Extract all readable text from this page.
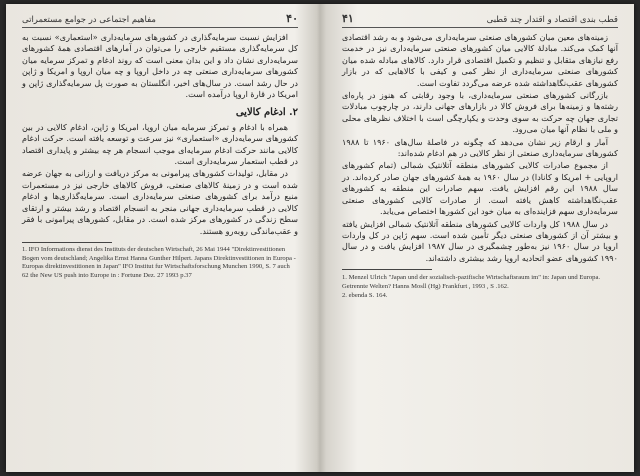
۴۰
مفاهیم اجتماعی در جوامع مستعمراتی

افزایش نسبت سرمایه‌گذاری در کشورهای سرمایه‌داری «استعماری» نسبت به کل سرمایه‌گذاری مستقیم خارجی را می‌توان در آمارهای اقتصادی همهٔ کشورهای سرمایه‌داری نشان داد و این بدان معنی است که روند ادغام و تمرکز سرمایه میان کشورهای سرمایه‌داری صنعتی چه در داخل اروپا و چه میان اروپا و امریکا و ژاپن در حال رشد است. در سال‌های اخیر، انگلستان به صورت پل سرمایه‌گذاری ژاپن و امریکا در قارهٔ اروپا درآمده است.

۲. ادغام کالایی

همراه با ادغام و تمرکز سرمایه میان اروپا، امریکا و ژاپن، ادغام کالایی در بین کشورهای سرمایه‌داری «استعماری» نیز سرعت و توسعه یافته است. حرکت ادغام کالایی مانند حرکت ادغام سرمایه‌ای موجب انسجام هر چه بیشتر و پایداری اقتصاد در قطب استعمار سرمایه‌داری است.

در مقابل، تولیدات کشورهای پیرامونی به مرکز دریافت و ارزانی به جهان عرضه شده است و در زمینهٔ کالاهای صنعتی، فروش کالاهای خارجی نیز در مستعمرات منبع درآمد برای کشورهای صنعتی سرمایه‌داری است. سرمایه‌گذاری‌ها و ادغام کالایی در قطب سرمایه‌داری جهانی منجر به انسجام اقتصاد و رشد بیشتر و ارتقای سطح زندگی در کشورهای مرکز شده است. در مقابل، کشورهای پیرامونی با فقر و عقب‌ماندگی روبه‌رو هستند.

1. IFO Informations dienst des Instituts der deutschen Wirtschaft, 26 Mai 1944 "Direktinvestitionen Bogen vom deutschland; Angelika Ernst Hanna Gunther Hilpert. Japans Direktinvestitionen in Europa - Europas direktinvestitionen in Japan" IFO Institut fur Wirtschaftsforschung Munchen 1990, S. 7 auch 62 the New US push into Europe in : Fortune Dez. 27 1993 p.37
قطب بندی اقتصاد و اقتدار چند قطبی
۴۱

زمینه‌های معین میان کشورهای صنعتی سرمایه‌داری می‌شود و به رشد اقتصادی آنها کمک می‌کند. مبادلهٔ کالایی میان کشورهای صنعتی سرمایه‌داری نیز در خدمت رفع نیازهای متقابل و تنظیم و تکمیل اقتصادی قرار دارد. کالاهای مبادله شده میان کشورهای صنعتی سرمایه‌داری از نظر کمی و کیفی با کالاهایی که در بازار کشورهای عقب‌نگاهداشته شده عرضه می‌گردد تفاوت است.

بازرگانی کشورهای صنعتی سرمایه‌داری، با وجود رقابتی که هنوز در پاره‌ای رشته‌ها و زمینه‌ها برای فروش کالا در بازارهای جهانی دارند، در چارچوب مبادلات تجاری جهان چه حرکت به سوی وحدت و یکپارچگی است با اختلاف نظرهای محلی و ملی با نظام آنها میان می‌رود.

آمار و ارقام زیر نشان می‌دهد که چگونه در فاصلهٔ سال‌های ۱۹۶۰ تا ۱۹۸۸ کشورهای سرمایه‌داری صنعتی از نظر کالایی در هم ادغام شده‌اند:

از مجموع صادرات کالایی کشورهای منطقه آتلانتیک شمالی (تمام کشورهای اروپایی + امریکا و کانادا) در سال ۱۹۶۰ به همهٔ کشورهای جهان صادر کرده‌اند. در سال ۱۹۸۸ این رقم افزایش یافت. سهم صادرات این منطقه به کشورهای عقب‌نگاهداشته کاهش یافته است. از صادرات کالایی کشورهای صنعتی سرمایه‌داری سهم فزاینده‌ای به میان خود این کشورها اختصاص می‌یابد.

در سال ۱۹۸۸ کل واردات کالایی کشورهای منطقه آتلانتیک شمالی افزایش یافته و بیشتر آن از کشورهای صنعتی دیگر تأمین شده است. سهم ژاپن در کل واردات اروپا در سال ۱۹۶۰ نیز به‌طور چشمگیری در سال ۱۹۸۷ افزایش یافت و در سال ۱۹۹۰ کشورهای عضو اتحادیه اروپا رشد بیشتری داشته‌اند.

1. Menzel Ulrich "Japan und der sozialisch-pazifische Wirtschaftsraum im" in: Japan und Europa. Getrennte Welten? Hanns Mosll (Hg) Frankfurt , 1993 , S .162.
2. ebenda S. 164.
